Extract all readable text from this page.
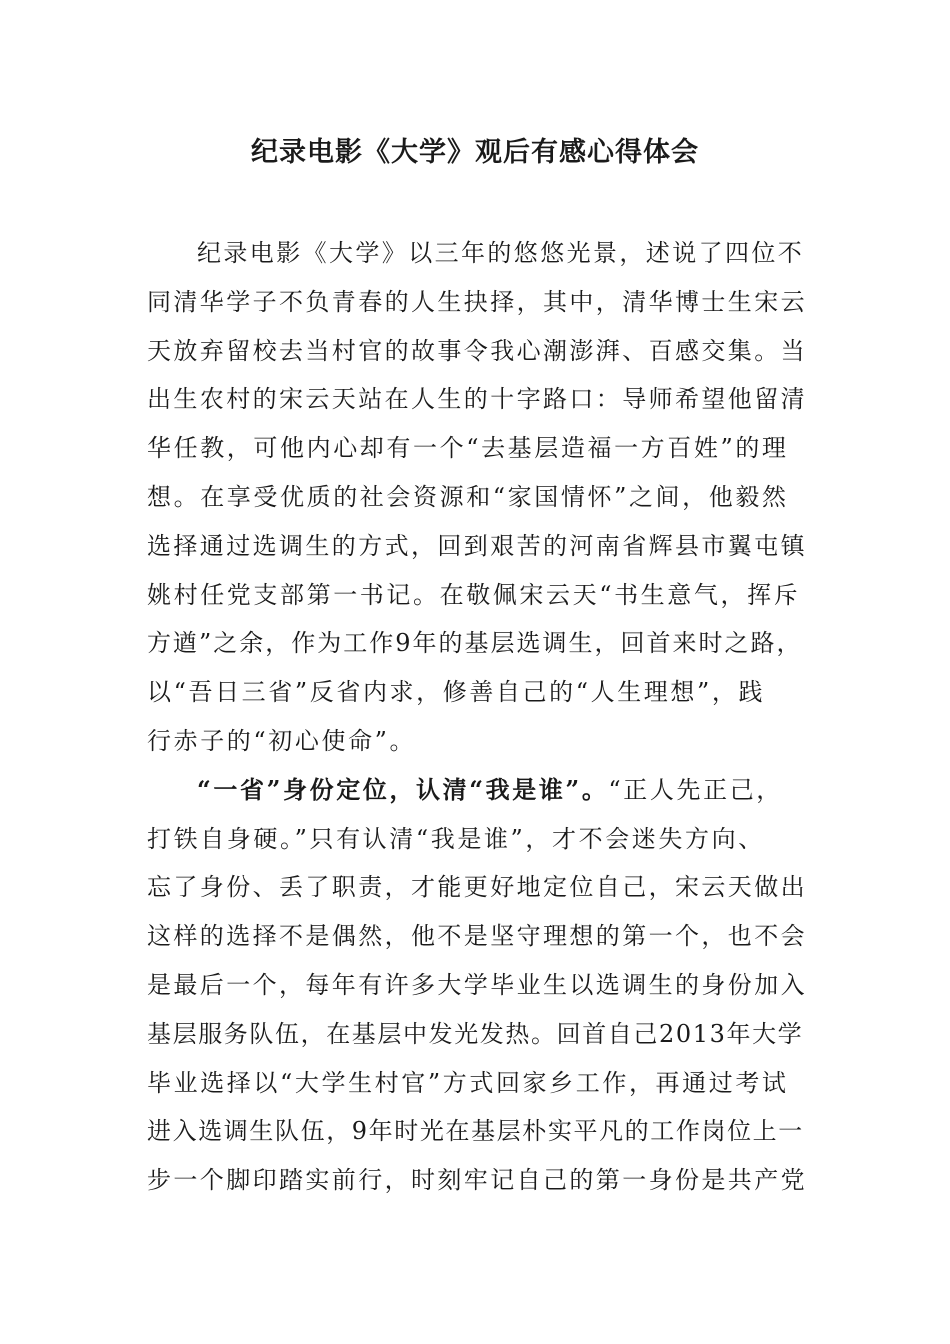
纪录电影《大学》观后有感心得体会
纪录电影《大学》以三年的悠悠光景，述说了四位不
同清华学子不负青春的人生抉择，其中，清华博士生宋云
天放弃留校去当村官的故事令我心潮澎湃、百感交集。当
出生农村的宋云天站在人生的十字路口：导师希望他留清
华任教，可他内心却有一个“去基层造福一方百姓”的理
想。在享受优质的社会资源和“家国情怀”之间，他毅然
选择通过选调生的方式，回到艰苦的河南省辉县市翼屯镇
姚村任党支部第一书记。在敬佩宋云天“书生意气，挥斥
方遒”之余，作为工作9年的基层选调生，回首来时之路，
以“吾日三省”反省内求，修善自己的“人生理想”，践
行赤子的“初心使命”。
“一省”身份定位，认清“我是谁”。“正人先正己，
打铁自身硬。”只有认清“我是谁”，才不会迷失方向、
忘了身份、丢了职责，才能更好地定位自己，宋云天做出
这样的选择不是偶然，他不是坚守理想的第一个，也不会
是最后一个，每年有许多大学毕业生以选调生的身份加入
基层服务队伍，在基层中发光发热。回首自己2013年大学
毕业选择以“大学生村官”方式回家乡工作，再通过考试
进入选调生队伍，9年时光在基层朴实平凡的工作岗位上一
步一个脚印踏实前行，时刻牢记自己的第一身份是共产党
